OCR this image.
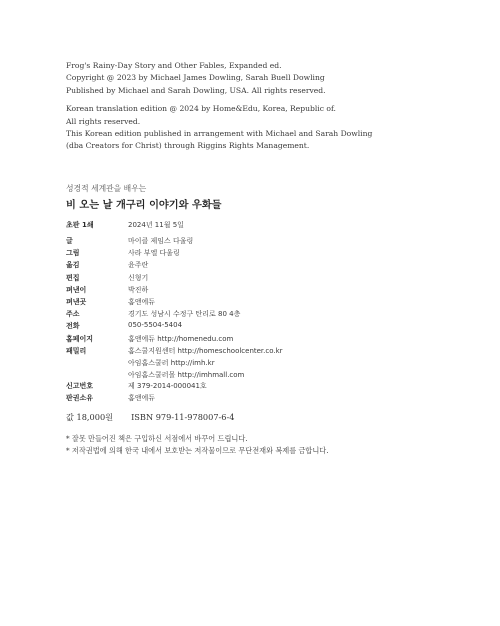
Frog's Rainy-Day Story and Other Fables, Expanded ed.
Copyright @ 2023 by Michael James Dowling, Sarah Buell Dowling
Published by Michael and Sarah Dowling, USA. All rights reserved.
Korean translation edition @ 2024 by Home&Edu, Korea, Republic of.
All rights reserved.
This Korean edition published in arrangement with Michael and Sarah Dowling
(dba Creators for Christ) through Riggins Rights Management.
성경적 세계관을 배우는
비 오는 날 개구리 이야기와 우화들
초판 1쇄	2024년 11월 5일
글	마이클 제임스 다울링
그림	사라 부엘 다울링
옮김	윤주란
편집	신형기
펴낸이	박진하
펴낸곳	홈앤에듀
주소	경기도 성남시 수정구 탄리로 80 4층
전화	050-5504-5404
홈페이지	홈앤에듀 http://homenedu.com
패밀리	홈스쿨지원센터 http://homeschoolcenter.co.kr
아임홈스쿨러 http://imh.kr
아임홈스쿨러몰 http://imhmall.com
신고번호	제 379-2014-000041호
판권소유	홈앤에듀
값 18,000원 ISBN 979-11-978007-6-4
* 잘못 만들어진 책은 구입하신 서점에서 바꾸어 드립니다.
* 저작권법에 의해 한국 내에서 보호받는 저작물이므로 무단전재와 복제를 금합니다.
